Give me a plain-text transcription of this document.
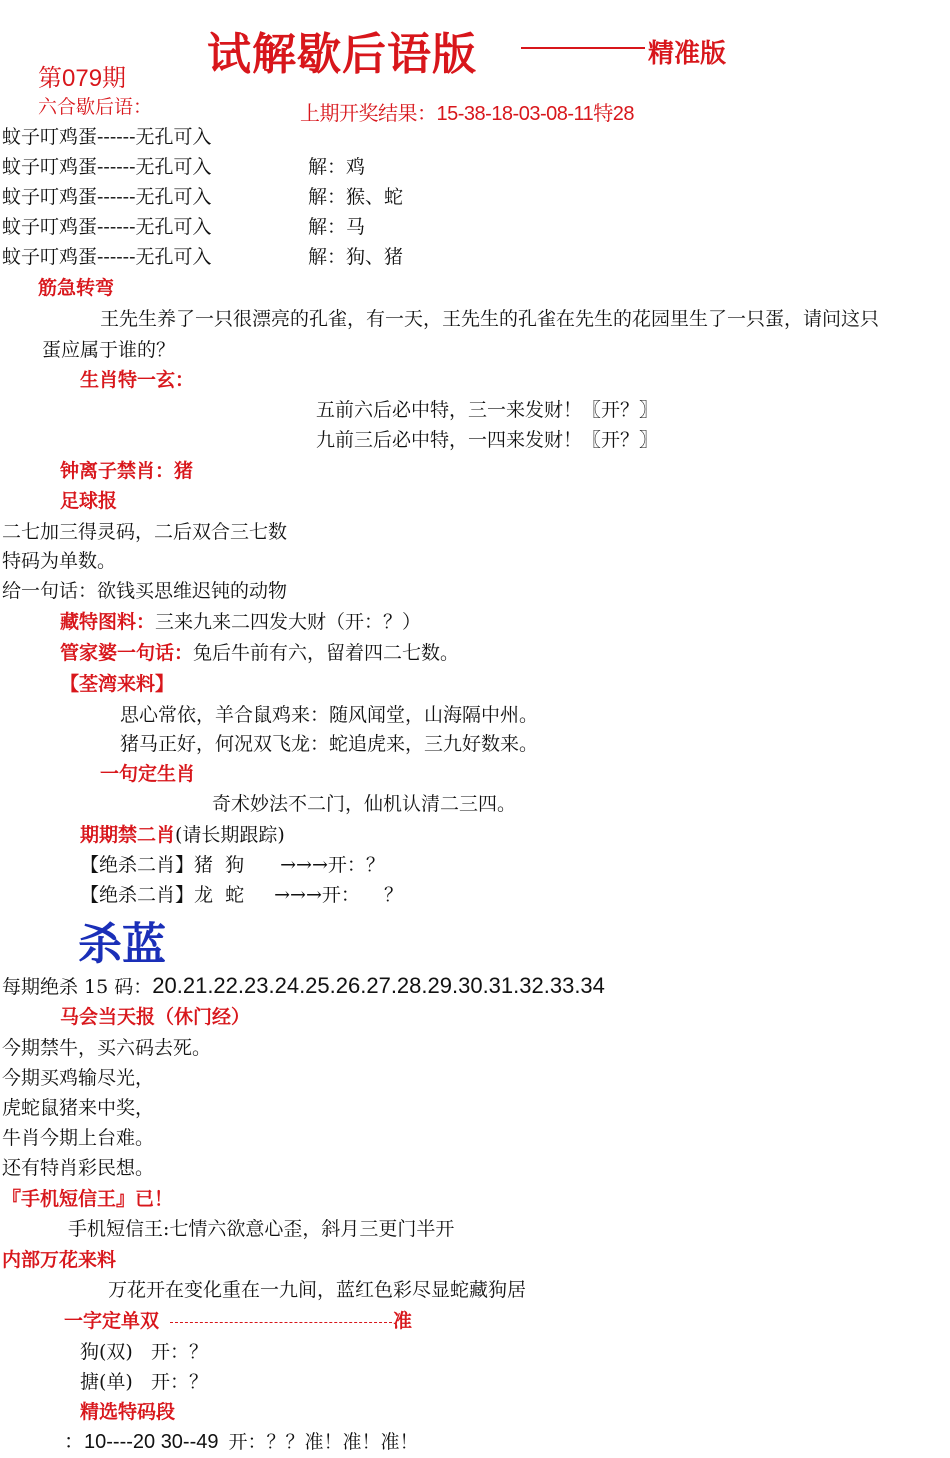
试解歇后语版	精准版
第079期
六合歇后语：	上期开奖结果：15-38-18-03-08-11特28
蚊子叮鸡蛋------无孔可入
蚊子叮鸡蛋------无孔可入	解：鸡
蚊子叮鸡蛋------无孔可入	解：猴、蛇
蚊子叮鸡蛋------无孔可入	解：马
蚊子叮鸡蛋------无孔可入	解：狗、猪
筋急转弯
王先生养了一只很漂亮的孔雀，有一天，王先生的孔雀在先生的花园里生了一只蛋，请问这只
蛋应属于谁的？
生肖特一玄：
五前六后必中特，三一来发财！〖开？〗
九前三后必中特，一四来发财！〖开？〗
钟离子禁肖：猪
足球报
二七加三得灵码，二后双合三七数
特码为单数。
给一句话：欲钱买思维迟钝的动物
藏特图料：三来九来二四发大财（开：？）
管家婆一句话：兔后牛前有六，留着四二七数。
【荃湾来料】
思心常依，羊合鼠鸡来：随风闻堂，山海隔中州。
猪马正好，何况双飞龙：蛇追虎来，三九好数来。
一句定生肖
奇术妙法不二门，仙机认清二三四。
期期禁二肖(请长期跟踪)
【绝杀二肖】猪  狗 →→→开：？
【绝杀二肖】龙  蛇 →→→开：    ？
杀蓝
每期绝杀 15 码：20.21.22.23.24.25.26.27.28.29.30.31.32.33.34
马会当天报（休门经）
今期禁牛，买六码去死。
今期买鸡输尽光，
虎蛇鼠猪来中奖，
牛肖今期上台难。
还有特肖彩民想。
『手机短信王』已！
手机短信王:七情六欲意心歪，斜月三更门半开
内部万花来料
万花开在变化重在一九间，蓝红色彩尽显蛇藏狗居
一字定单双	准
狗(双)   开：？
搪(单)   开：？
精选特码段
：10----20 30--49 开：？？准！准！准！
